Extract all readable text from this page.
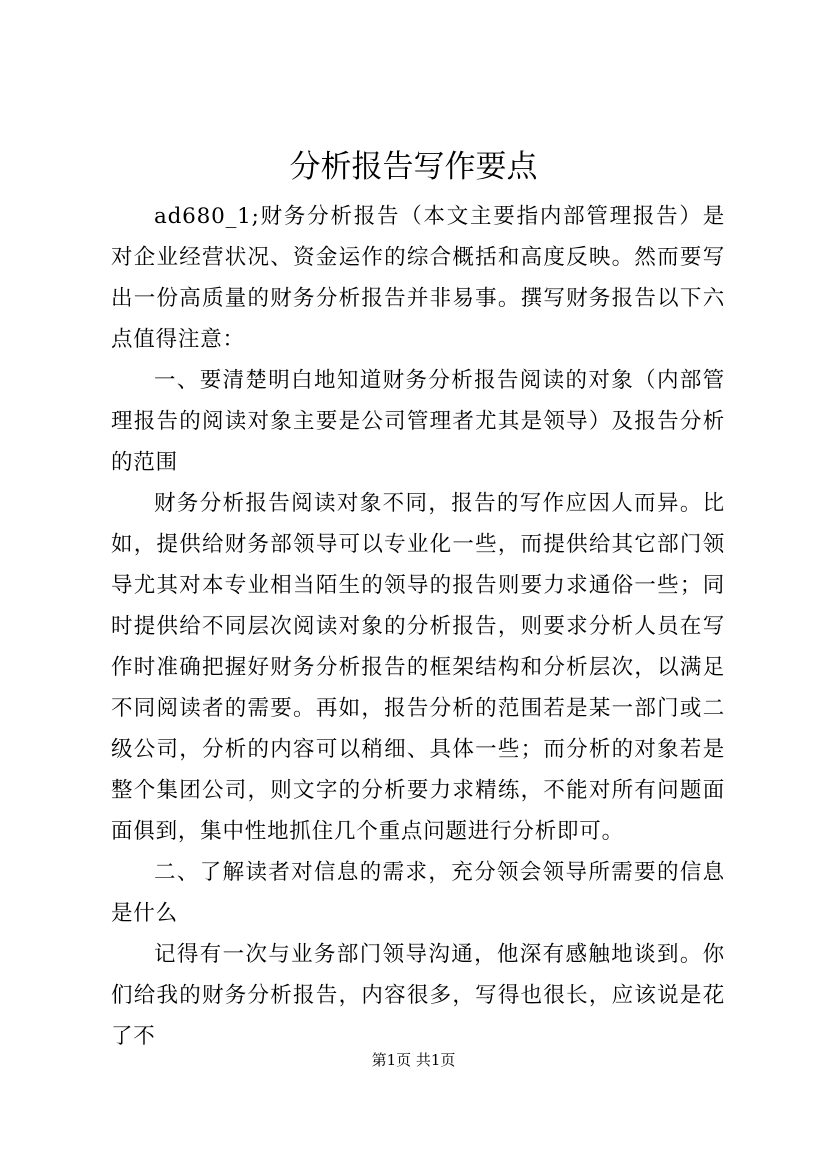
分析报告写作要点

ad680_1;财务分析报告（本文主要指内部管理报告）是对企业经营状况、资金运作的综合概括和高度反映。然而要写出一份高质量的财务分析报告并非易事。撰写财务报告以下六点值得注意：

一、要清楚明白地知道财务分析报告阅读的对象（内部管理报告的阅读对象主要是公司管理者尤其是领导）及报告分析的范围

财务分析报告阅读对象不同，报告的写作应因人而异。比如，提供给财务部领导可以专业化一些，而提供给其它部门领导尤其对本专业相当陌生的领导的报告则要力求通俗一些；同时提供给不同层次阅读对象的分析报告，则要求分析人员在写作时准确把握好财务分析报告的框架结构和分析层次，以满足不同阅读者的需要。再如，报告分析的范围若是某一部门或二级公司，分析的内容可以稍细、具体一些；而分析的对象若是整个集团公司，则文字的分析要力求精练，不能对所有问题面面俱到，集中性地抓住几个重点问题进行分析即可。

二、了解读者对信息的需求，充分领会领导所需要的信息是什么

记得有一次与业务部门领导沟通，他深有感触地谈到。你们给我的财务分析报告，内容很多，写得也很长，应该说是花了不

第1页 共1页
